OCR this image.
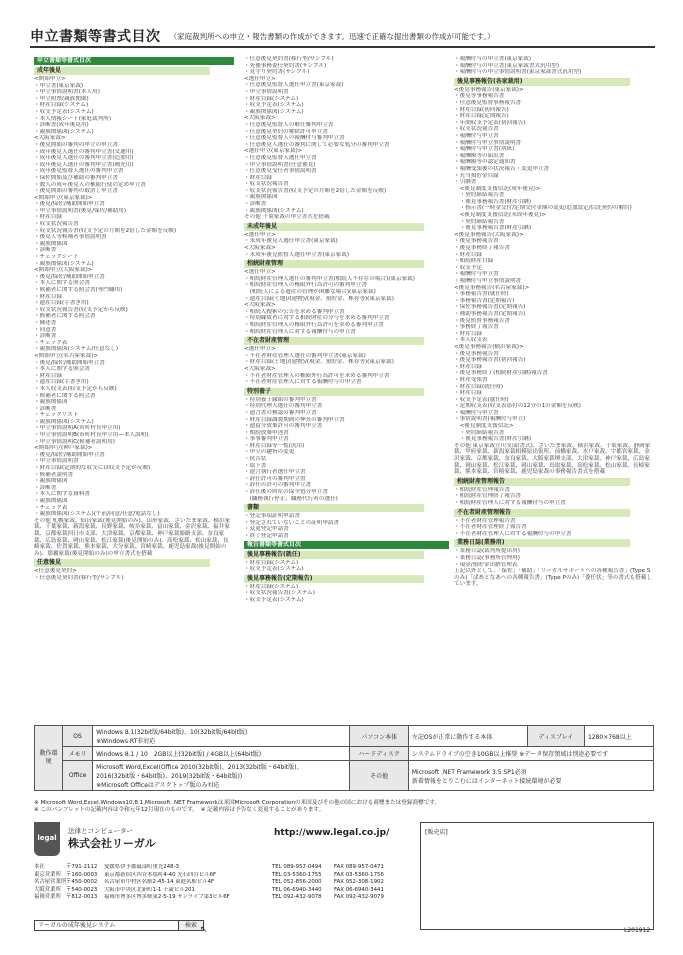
申立書類等書式目次 （家庭裁判所への申立・報告書類の作成ができます。迅速で正確な提出書類の作成が可能です。）
申立書類等書式目次
成年後見
<開始申立>
・申立書(東京家裁)
・申立事情説明書(本人用)
・申立附票(親族関係)
・財産目録(システム)
・収支予定表(システム)
・本人情報シート(家庭裁判所)
・診断書(成年後見用)
・親族関係図(システム)
<大阪家裁>
・後見開始の審判の申立の申立書
・成年後見人選任の審判申立書(交通用)
・成年後見人選任の審判申立書(追加用)
・成年後見人選任の審判申立書(補充用)
・成年後見監督人選任の審判申立書
・保佐開始及び補助の審判申立書
・数人の成年後見人の権限行使の定め申立書
・後見開始の審判の取消し申立書
<開始申立(東京家裁)>
・後見/保佐/補助開始申立書
・申立事情説明書(後見/保佐/補助用)
・財産目録
・収支状況報告書
・収支状況報告書(収支予定の月額を2倍した金額を反映)
・後見人等候補者事情説明書
・親族関係図
・診断書
・チェックシート
・親族関係図(システム)
<開始申立(大阪家裁)>
・後見/保佐/補助開始申立書
・本人に関する照会書
・候補者に関する照会書(専門職用)
・財産目録
・遺産目録(手書き用)
・収支状況報告書(収支予定から反映)
・候補者に関する照会書
・陳述書
・同意書
・診断書
・チェック表
・親族関係図(システム/任意なし)
<開始申立(名古屋家裁)>
・後見/保佐/補助開始申立書
・本人に関する照会書
・財産目録
・遺産目録(手書き用)
・本人収支表(収支予定から反映)
・候補者に関する照会書
・親族関係図
・診断書
・チェックリスト
・親族関係図(システム)
・申立事情説明A(市町村長申立用)
・申立事情説明B(市町村長申立用―本人説明)
・申立事情説明C(候補者説明用)
<開始申立(神戸家裁)>
・後見/保佐/補助開始申立書
・申立事情説明書
・財産目録(定期的な収支には収支予定が反映)
・候補者説明書
・親族関係図
・診断書
・本人に関する資料書
・親族関係図
・チェック表
・親族関係図(システム)(午前/同意/任意/電話なし)
その他 札幌家裁、仙台家裁(後見開始のみ)、山形家裁、さいたま家裁、横浜家裁、千葉家裁、新潟家裁、長野家裁、岐阜家裁、富山家裁、金沢家裁、福井家裁、京都家裁四日市支部、大津家裁、京都家裁、神戸家裁姫路支部、奈良家裁、広島家裁、岡山家裁、松江家裁(後見開始のみ)、高松家裁、松山家裁、長崎家裁、佐賀家裁、熊本家裁、大分家裁、宮崎家裁、鹿児島家裁(後見開始のみ)、那覇家裁(後見開始のみ)の申立書式を搭載
任意後見
<任意後見契約>
・任意後見契約書(移行型/サンプル)
・任意後見契約書(移行型/サンプル)
・死後事務委任契約書(サンプル)
・見守り契約書(サンプル)
<選任申立>
・任意後見監督人選任申立書(東京家裁)
・申立事情説明書
・財産目録(システム)
・収支予定表(システム)
・親族関係図(システム)
<大阪家裁>
・任意後見監督人の解任審判申立書
・任意後見契約の解除許可申立書
・任意後見監督人の報酬付与審判申立書
・任意後見人選任の審判に関して必要な処分の審判申立書
<選任申立(東京家裁)>
・任意後見監督人選任申立書
・申立事情説明書(任意後見)
・任意後見受任者事情説明書
・財産目録
・収支状況報告書
・収支状況報告書(収支予定の月額を2倍した金額を反映)
・親族関係図
・診断書
・親族関係図(システム)
その他 千葉家裁の申立書式を搭載
未成年後見
<選任申立>
・未成年後見人選任申立書(東京家裁)
<大阪家裁>
・未成年後見監督人選任申立書(東京家裁)
相続財産管理
<選任申立>
・相続財産管理人選任の審判申立書(相続人不存在の場合)(東京家裁)
・相続財産管理人の権限外行為許可の審判申立書
　(相続人による遺産の管理が困難な場合)(東京家裁)
・遺産目録(土地)/(建物)/(現金、預貯金、株券等)(東京家裁)
<大阪家裁>
・相続人捜索の公告を求める審判申立書
・特別縁故者に対する相続財産の分与を求める審判申立書
・相続財産管理人の権限外行為許可を求める審判申立書
・相続財産管理人に対する報酬付与の申立書
不在者財産管理
<選任申立>
・不在者財産管理人選任の審判申立書(東京家裁)
・財産目録(土地)/(建物)/(現金、預貯金、株券等)(東京家裁)
<大阪家裁>
・不在者財産管理人の権限外行為許可を求める審判申立書
・不在者財産管理人に対する報酬付与の申立書
特別養子
・特別養子縁組の審判申立書
・特別代理人選任の審判申立書
・遺言書の検認の審判申立書
・財産目録調製期間の伸長の審判申立書
・遺留分放棄許可の審判申立書
・相続放棄申述書
・事事審判申立書
・財産目録等一覧(汎用)
・申立の趣旨の変更
・抗告状
・取下書
・遺言執行者選任申立書
・辞任許可の審判申立書
・辞任の許可の審判申立書
・辞任後の財産の保全処分申立書
　(職務執行停止、職務代行者の選任)
書類
・登記事項証明申請書
・登記されていないことの証明申請書
・変更登記申請書
・終了登記申請書
報告書類等書式目次
後見事務報告(就任)
・財産目録(システム)
・収支予定表(システム)
後見事務報告(定期報告)
・財産目録(システム)
・収支状況報告書(システム)
・収支予定表(システム)
・報酬付与の申立書(東京家裁)
・報酬付与の申立書(東京家裁書式汎用型)
・報酬付与の申立事情説明書(東京家裁書式汎用型)
後見事務報告(各家裁用)
<後見事務報告(東京家裁)>
・後見等事務報告書
・任意後見監督事務報告書
・財産目録(初回報告)
・財産目録(定期報告)
・年間収支予定表(初回報告)
・収支状況報告書
・報酬付与申立書
・報酬付与申立事情説明書
・報酬付与申立書(別紙)
・報酬額等の届出書
・報酬額等の認定通知書
・報酬受領後の状況報告・変更申立書
・充当預貯金目録
・引継書
　<後見制度支援信託(成年後見)>
　・契約締結報告書
　・後見事務報告書(財産引継)
　・指示書(一時金交付/定期交付金額の変更/追加設定/信託契約の解約)
　<後見制度支援信託(未成年後見)>
　・契約締結報告書
　・後見事務報告書(財産引継)
<後見事務報告(大阪家裁)>
・後見事務報告書
・後見事務終了報告書
・財産目録
・相続財産目録
・収支予定
・報酬付与申立書
・報酬付与申立事情説明書
<後見事務報告(名古屋家裁)>
・事務報告書(就任時)
・事務報告書(定期報告)
・保佐事務報告書(定期報告)
・補助事務報告書(定期報告)
・後見監督事務報告書
・事務終了報告書
・財産目録
・本人収支表
<後見事務報告(横浜家裁)>
・後見事務報告書
・後見事務報告書(初回報告)
・財産目録
・後見事務終了(相続財産引継)報告書
・財産受領書
・財産目録(就任時)
・財産目録
・収支予定表(就任時)
・定期収支表(収支表添付の12分の1の金額を反映)
・報酬付与申立書
・事情説明書(報酬付与申立)
　<後見制度支援信託>
　・契約締結報告書
　・後見事務報告書(財産引継)
その他 東京家裁立川支部(書式)、さいたま家裁、横浜家裁、千葉家裁、静岡家裁、甲府家裁、新潟家裁相模原出張所、前橋家裁、水戸家裁、宇都宮家裁、金沢家裁、京都家裁、奈良家裁、大阪家裁堺支部、大津家裁、神戸家裁、広島家裁、岡山家裁、松江家裁、岡山家裁、鳥取家裁、高松家裁、松山家裁、長崎家裁、熊本家裁、宮崎家裁、鹿児島家裁の事務報告書式を搭載
相続財産管理報告
・相続財産管理報告書
・相続財産管理終了報告書
・相続財産管理人に対する報酬付与の申立書
不在者財産管理報告
・不在者財産管理報告書
・不在者財産管理終了報告書
・不在者財産管理人に対する報酬付与の申立書
業務日誌(業務用)
・業務日誌(裁判所提出用)
・業務日誌(事務所管理用)
・現金/預貯金出納管理表
上記以外として、「保佐」「補助」「リーガルサポートへの各種報告書」(Type Sのみ)「ぱあとなあへの各種報告書」(Type Pのみ)「委任状」等の書式も搭載しています。
動作環境	OS	Windows 8.1(32bit版/64bit版)、10(32bit版/64bit版)
※Windows RT非対応	パソコン本体	左記OSが正常に動作する本体	ディスプレイ	1280×768以上
	メモリ	Windows 8.1 / 10　2GB以上(32bit版) / 4GB以上(64bit版)	ハードディスク	システムドライブの空き10GB以上推奨 ※データ保存領域は別途必要です		
	Office	Microsoft Word,Excel(Office 2010(32bit版)、2013(32bit版・64bit版)、
2016(32bit版・64bit版)、2019(32bit版・64bit版))
※Microsoft Officeはデスクトップ版のみ対応	その他	Microsoft .NET Framework 3.5 SP1必須
新着情報をとりこむにはインターネット接続環境が必要		
※ Microsoft Word,Excel,Windows10,8.1,Microsoft .NET Frameworkは米国Microsoft Corporationの米国及びその他の国における商標または登録商標です。
※ このパンフレットの記載内容は令和元年12月現在のものです。　※ 記載内容は予告なく変更することがあります。
legal
法律とコンピューター
株式会社リーガル
http://www.legal.co.jp/
本社	〒791-2112	愛媛県伊予郡砥部町重光248-3	TEL 089-957-0494	FAX 089-957-0471
東京営業所 〒160-0003	東京都新宿区四谷本塩町4-40 光石四谷ビル6F	TEL 03-5360-1755	FAX 03-5360-1756
名古屋営業所 〒450-0002	名古屋市中村区名駅2-45-14 東進名駅ビル4F	TEL 052-856-2000	FAX 052-308-1902
大阪営業所 〒540-0023	大阪市中央区北新町1-1 千歳ビル201	TEL 06-6940-3440	FAX 06-6940-3441
福岡営業所 〒812-0013	福岡市博多区博多駅東2-5-19 サンライフ第3ビル6F	TEL 092-432-9078	FAX 092-432-9079
[販売店]
リーガルの成年後見システム	検索 ↖	L201912
